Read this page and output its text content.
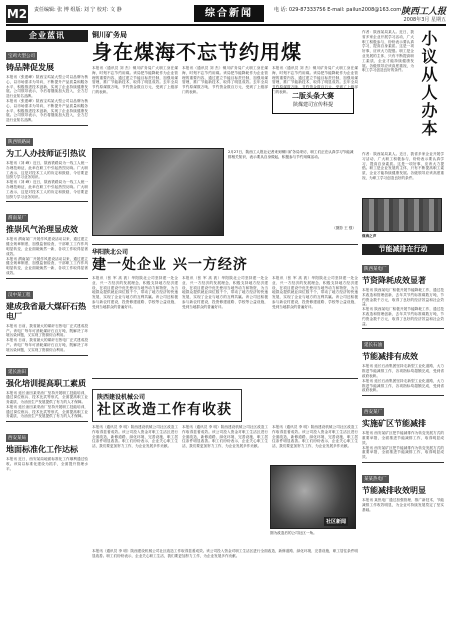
M2 责任编辑: 张 博 组版: 刘 宁 校对: 文 静	综合新闻	电 话: 029-87333756 E-mail: pailun2008@163.com 陕西工人报
2008年3月 星期五
企业蓝讯
宝鸡大型公司
铸品牌促发展
本报讯（张建峰）陕西宝鸡某大型公司以品牌为核心，以市场需求为导向，不断提升产品质量和服务水平，积极推进技术创新，实现了企业持续健康发展。公司领导表示，今后将继续加大投入，全力打造行业知名品牌。
本报讯（张建峰）陕西宝鸡某大型公司以品牌为核心，以市场需求为导向，不断提升产品质量和服务水平，积极推进技术创新，实现了企业持续健康发展。公司领导表示，今后将继续加大投入，全力打造行业知名品牌。
陕西铁路局
为工人办技师证引热议
本报讯（刘 峰）近日，陕西铁路局为一线工人统一办理技师证，此举在职工中引起热烈反响。广大职工表示，这是对技术工人的肯定和鼓励，今后要更加努力学习业务知识。
本报讯（刘 峰）近日，陕西铁路局为一线工人统一办理技师证，此举在职工中引起热烈反响。广大职工表示，这是对技术工人的肯定和鼓励，今后要更加努力学习业务知识。
渭南某厂
推崇风气治理显成效
本报讯 渭南某厂开展作风建设活动以来，通过建立健全规章制度，加强监督检查，干部职工工作作风明显转变，企业面貌焕然一新，各项工作取得显著成效。
本报讯 渭南某厂开展作风建设活动以来，通过建立健全规章制度，加强监督检查，干部职工工作作风明显转变，企业面貌焕然一新，各项工作取得显著成效。
汉中某工程
建成我省最大煤矸石热电厂
本报讯 日前，我省最大的煤矸石热电厂正式建成投产。该电厂每年可消耗煤矸石百万吨，既解决了环境污染问题，又实现了资源综合利用。
本报讯 日前，我省最大的煤矸石热电厂正式建成投产。该电厂每年可消耗煤矸石百万吨，既解决了环境污染问题，又实现了资源综合利用。
延长油田
强化培训提高职工素质
本报讯 延长油田某采油厂坚持开展职工技能培训，通过岗位练兵、技术比武等形式，全面提高职工业务素质，为油田生产发展提供了有力的人才保障。
本报讯 延长油田某采油厂坚持开展职工技能培训，通过岗位练兵、技术比武等形式，全面提高职工业务素质，为油田生产发展提供了有力的人才保障。
西安某局
地面标准化工作达标
本报讯 近日，西安某局地面标准化工作顺利通过验收。该局以标准化建设为抓手，全面提升管理水平。
铜川矿务局
身在煤海不忘节约用煤
本报讯（通讯员 刘 杰）铜川矿务局广大职工身在煤海，时刻不忘节约用煤。该局把节能降耗作为企业管理的重要内容，通过建立节能目标责任制，加强用煤管理，推广节能新技术，取得了明显成效。去年全局节约原煤数万吨，节约资金数百万元，受到了上级部门的表彰。
本报讯（通讯员 刘 杰）铜川矿务局广大职工身在煤海，时刻不忘节约用煤。该局把节能降耗作为企业管理的重要内容，通过建立节能目标责任制，加强用煤管理，推广节能新技术，取得了明显成效。去年全局节约原煤数万吨，节约资金数百万元，受到了上级部门的表彰。
本报讯（通讯员 刘 杰）铜川矿务局广大职工身在煤海，时刻不忘节约用煤。该局把节能降耗作为企业管理的重要内容，通过建立节能目标责任制，加强用煤管理，推广节能新技术，取得了明显成效。去年全局节约原煤数万吨，节约资金数百万元，受到了上级部门的表彰。
二版头条大赛
陕煤建司宣传科提
2月27日，陕西工人报社记者来到铜川矿务局采访，职工们正在认真学习节能减排相关知识，表示要从自身做起，积极参与节约用煤活动。
（摄影 王 强）
作者：陕西某局某人。近日，我省多家企业开展学习活动，广大职工积极参与，纷纷表示要认真学习，提高自身素质。这是一项好事，应该大力提倡。职工是企业发展的主体，只有不断提高职工素质，企业才能持续健康发展。各级领导应该高度重视，为职工学习创造良好的条件。 小议从人办本
作者：陕西某局某人。近日，我省多家企业开展学习活动，广大职工积极参与，纷纷表示要认真学习，提高自身素质。这是一项好事，应该大力提倡。职工是企业发展的主体，只有不断提高职工素质，企业才能持续健康发展。各级领导应该高度重视，为职工学习创造良好的条件。
煤海之声
华阳陕北公司
建一处企业 兴一方经济
本报讯（张 军 高 波）华阳陕北公司坚持建一处企业、兴一方经济的发展理念，积极支持地方经济建设，在项目建设中优先使用当地劳动力和物资，为当地群众提供就业岗位数千个，带动了地方经济的快速发展，实现了企业与地方的互利共赢。该公司还积极参与新农村建设，投资修建道路、学校等公益设施，受到当地群众的普遍好评。
本报讯（张 军 高 波）华阳陕北公司坚持建一处企业、兴一方经济的发展理念，积极支持地方经济建设，在项目建设中优先使用当地劳动力和物资，为当地群众提供就业岗位数千个，带动了地方经济的快速发展，实现了企业与地方的互利共赢。该公司还积极参与新农村建设，投资修建道路、学校等公益设施，受到当地群众的普遍好评。
本报讯（张 军 高 波）华阳陕北公司坚持建一处企业、兴一方经济的发展理念，积极支持地方经济建设，在项目建设中优先使用当地劳动力和物资，为当地群众提供就业岗位数千个，带动了地方经济的快速发展，实现了企业与地方的互利共赢。该公司还积极参与新农村建设，投资修建道路、学校等公益设施，受到当地群众的普遍好评。
陕西建设机械公司
社区改造工作有收获
本报讯（通讯员 李 明）陕西建设机械公司社区改造工作取得显著成效。该公司投入资金对职工生活区进行全面改造，新修道路、绿化环境、完善设施，职工居住条件明显改善。职工们纷纷表示，企业关心职工生活，我们要更加努力工作，为企业发展多作贡献。
本报讯（通讯员 李 明）陕西建设机械公司社区改造工作取得显著成效。该公司投入资金对职工生活区进行全面改造，新修道路、绿化环境、完善设施，职工居住条件明显改善。职工们纷纷表示，企业关心职工生活，我们要更加努力工作，为企业发展多作贡献。
本报讯（通讯员 李 明）陕西建设机械公司社区改造工作取得显著成效。该公司投入资金对职工生活区进行全面改造，新修道路、绿化环境、完善设施，职工居住条件明显改善。职工们纷纷表示，企业关心职工生活，我们要更加努力工作，为企业发展多作贡献。
社区新闻
图为改造后的公司社区一角。
本报讯（通讯员 李 明）陕西建设机械公司社区改造工作取得显著成效。该公司投入资金对职工生活区进行全面改造，新修道路、绿化环境、完善设施，职工居住条件明显改善。职工们纷纷表示，企业关心职工生活，我们要更加努力工作，为企业发展多作贡献。
节能减排在行动
陕西某电厂
节资降耗成效显著
本报讯 陕西某电厂积极开展节能降耗工作，通过技术改造和管理创新，去年共节约标准煤数万吨，节约资金数千万元，取得了良好的经济效益和社会效益。
本报讯 陕西某电厂积极开展节能降耗工作，通过技术改造和管理创新，去年共节约标准煤数万吨，节约资金数千万元，取得了良好的经济效益和社会效益。
延长石油
节能减排有成效
本报讯 延长石油集团坚持走新型工业化道路，大力推进节能减排工作，各项指标均超额完成，受到省政府表彰。
本报讯 延长石油集团坚持走新型工业化道路，大力推进节能减排工作，各项指标均超额完成，受到省政府表彰。
西安某厂
实施矿区节能减排
本报讯 西安某矿区把节能减排作为转变发展方式的重要举措，全面推进节能减排工作，取得明显成效。
本报讯 西安某矿区把节能减排作为转变发展方式的重要举措，全面推进节能减排工作，取得明显成效。
某某热电厂
节能减排收效明显
本报讯 某热电厂通过加强管理、推广新技术，节能减排工作收效明显，为企业可持续发展奠定了坚实基础。
